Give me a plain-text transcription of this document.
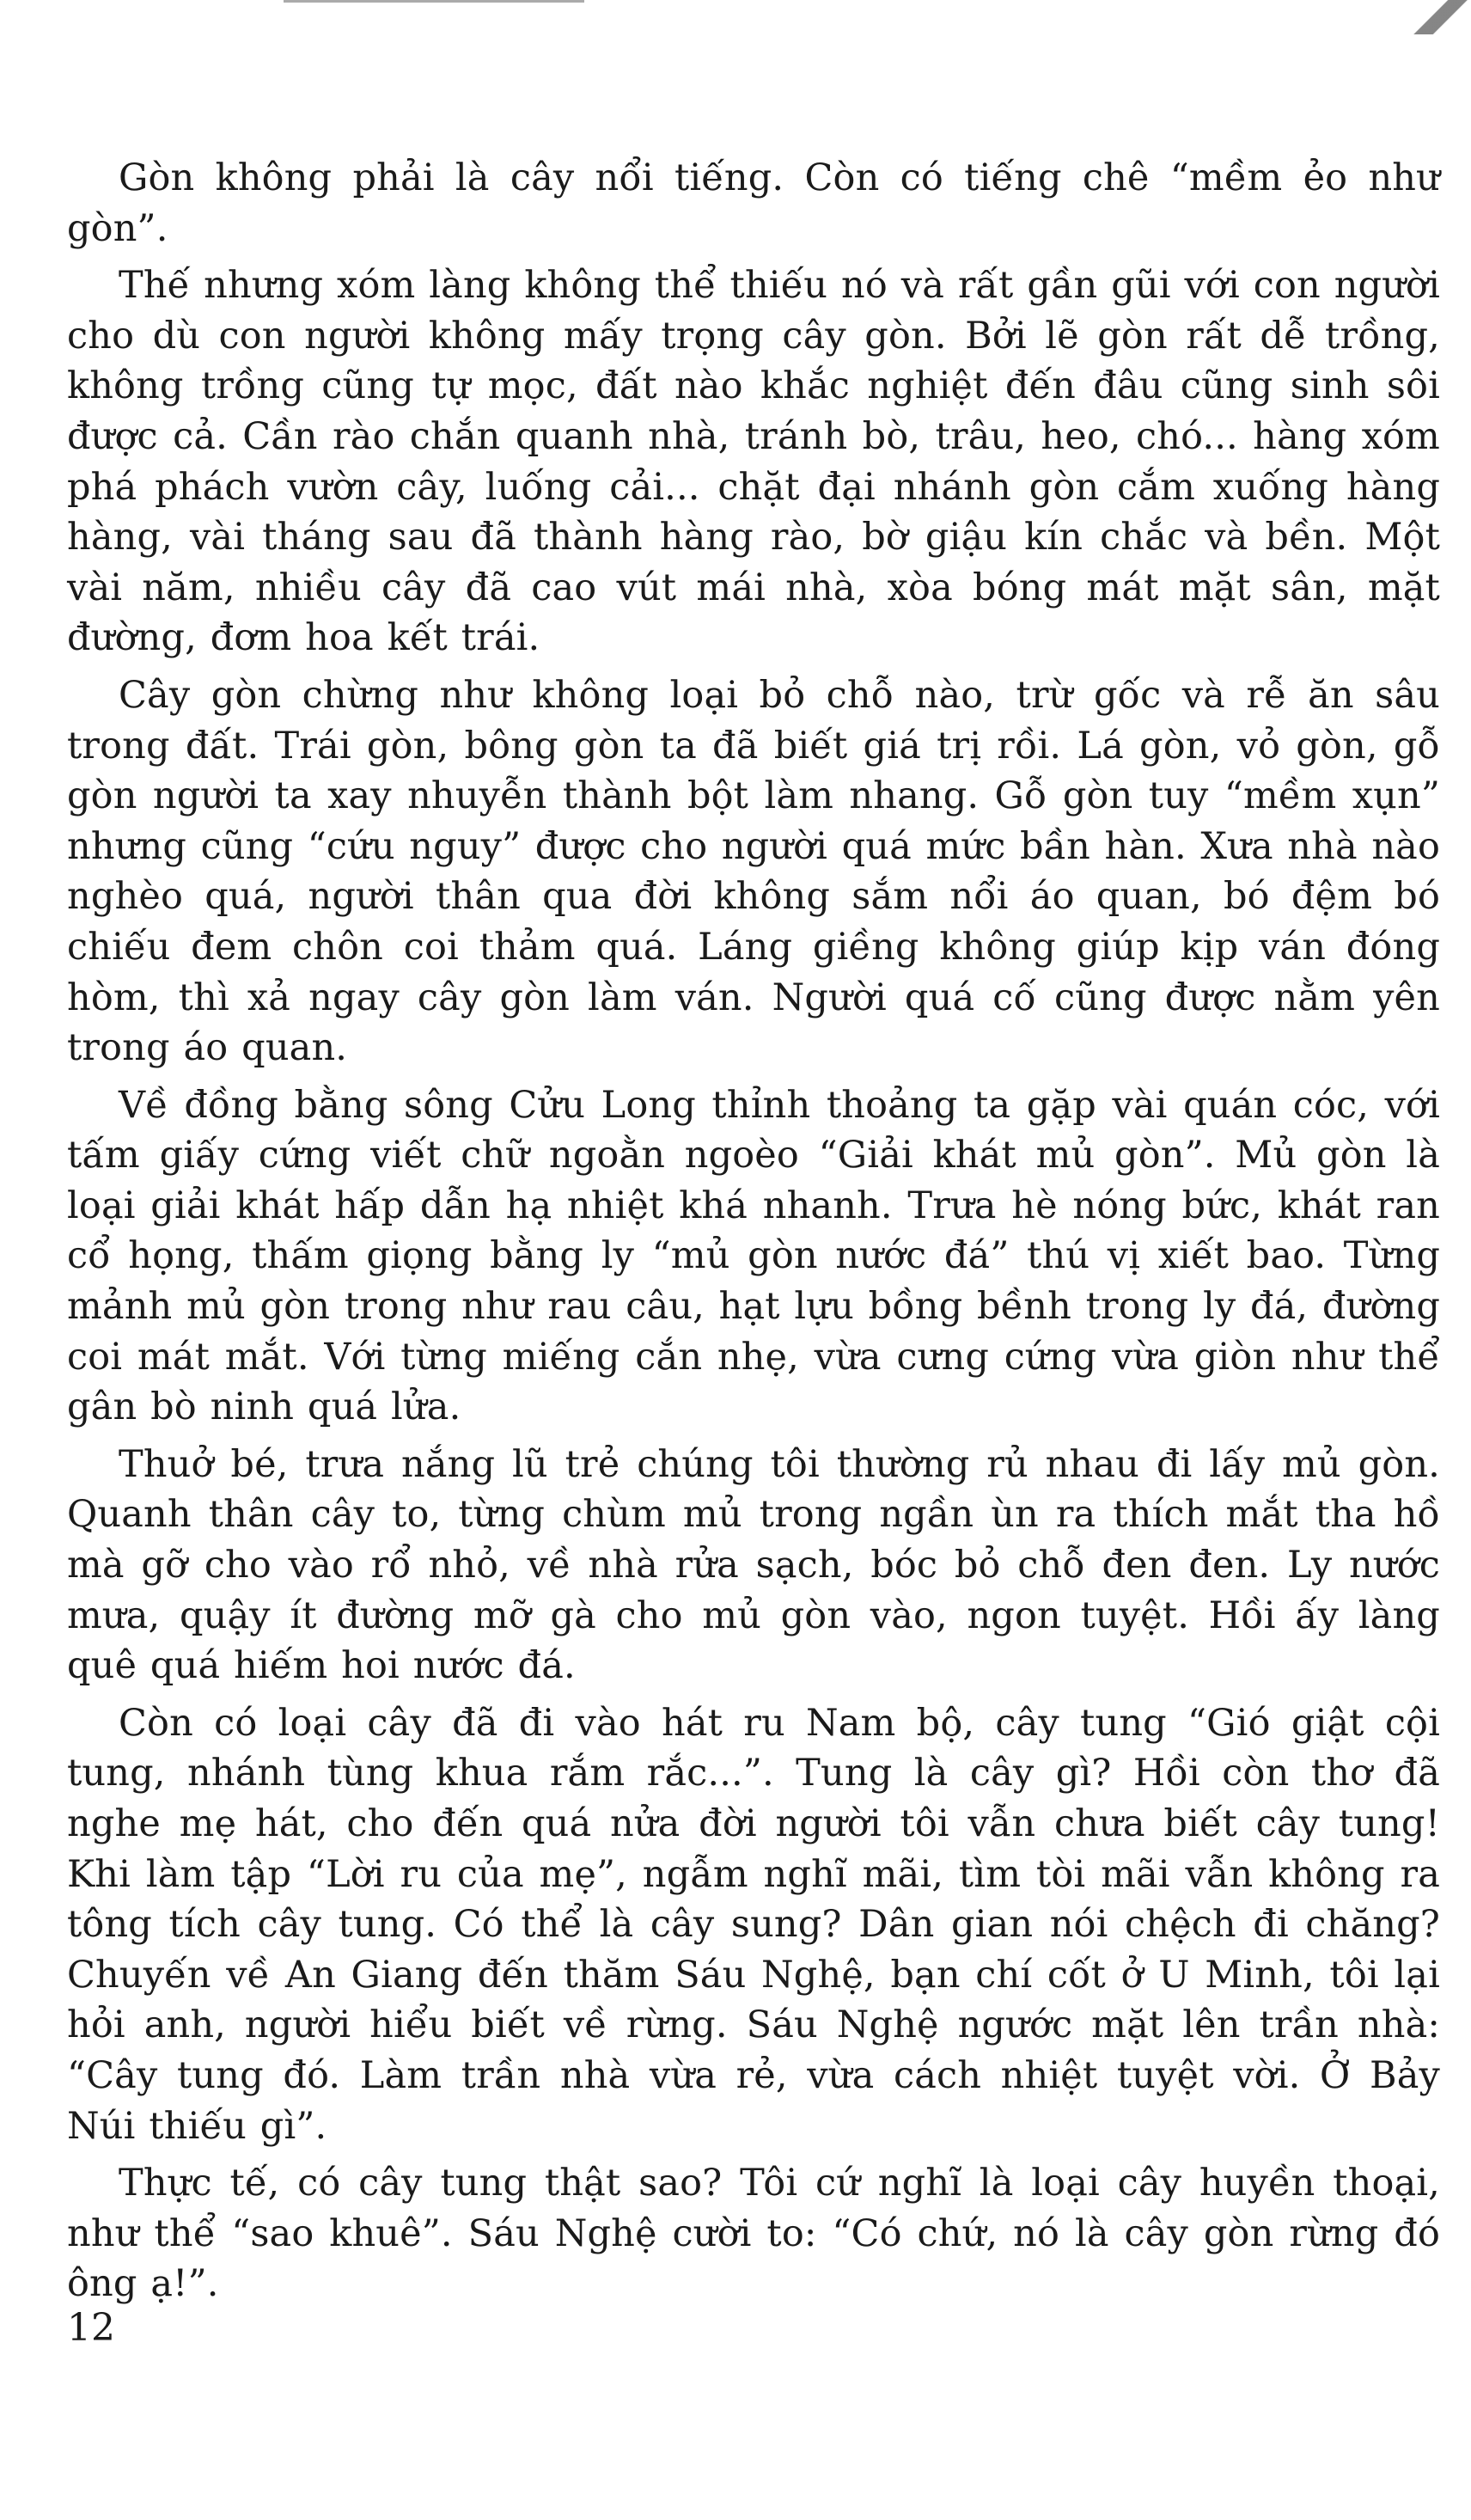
Gòn không phải là cây nổi tiếng. Còn có tiếng chê “mềm ẻo như gòn”.

Thế nhưng xóm làng không thể thiếu nó và rất gần gũi với con người cho dù con người không mấy trọng cây gòn. Bởi lẽ gòn rất dễ trồng, không trồng cũng tự mọc, đất nào khắc nghiệt đến đâu cũng sinh sôi được cả. Cần rào chắn quanh nhà, tránh bò, trâu, heo, chó... hàng xóm phá phách vườn cây, luống cải... chặt đại nhánh gòn cắm xuống hàng hàng, vài tháng sau đã thành hàng rào, bờ giậu kín chắc và bền. Một vài năm, nhiều cây đã cao vút mái nhà, xòa bóng mát mặt sân, mặt đường, đơm hoa kết trái.

Cây gòn chừng như không loại bỏ chỗ nào, trừ gốc và rễ ăn sâu trong đất. Trái gòn, bông gòn ta đã biết giá trị rồi. Lá gòn, vỏ gòn, gỗ gòn người ta xay nhuyễn thành bột làm nhang. Gỗ gòn tuy “mềm xụn” nhưng cũng “cứu nguy” được cho người quá mức bần hàn. Xưa nhà nào nghèo quá, người thân qua đời không sắm nổi áo quan, bó đệm bó chiếu đem chôn coi thảm quá. Láng giềng không giúp kịp ván đóng hòm, thì xả ngay cây gòn làm ván. Người quá cố cũng được nằm yên trong áo quan.

Về đồng bằng sông Cửu Long thỉnh thoảng ta gặp vài quán cóc, với tấm giấy cứng viết chữ ngoằn ngoèo “Giải khát mủ gòn”. Mủ gòn là loại giải khát hấp dẫn hạ nhiệt khá nhanh. Trưa hè nóng bức, khát ran cổ họng, thấm giọng bằng ly “mủ gòn nước đá” thú vị xiết bao. Từng mảnh mủ gòn trong như rau câu, hạt lựu bồng bềnh trong ly đá, đường coi mát mắt. Với từng miếng cắn nhẹ, vừa cưng cứng vừa giòn như thể gân bò ninh quá lửa.

Thuở bé, trưa nắng lũ trẻ chúng tôi thường rủ nhau đi lấy mủ gòn. Quanh thân cây to, từng chùm mủ trong ngần ùn ra thích mắt tha hồ mà gỡ cho vào rổ nhỏ, về nhà rửa sạch, bóc bỏ chỗ đen đen. Ly nước mưa, quậy ít đường mỡ gà cho mủ gòn vào, ngon tuyệt. Hồi ấy làng quê quá hiếm hoi nước đá.

Còn có loại cây đã đi vào hát ru Nam bộ, cây tung “Gió giật cội tung, nhánh tùng khua rắm rắc...”. Tung là cây gì? Hồi còn thơ đã nghe mẹ hát, cho đến quá nửa đời người tôi vẫn chưa biết cây tung! Khi làm tập “Lời ru của mẹ”, ngẫm nghĩ mãi, tìm tòi mãi vẫn không ra tông tích cây tung. Có thể là cây sung? Dân gian nói chệch đi chăng? Chuyến về An Giang đến thăm Sáu Nghệ, bạn chí cốt ở U Minh, tôi lại hỏi anh, người hiểu biết về rừng. Sáu Nghệ ngước mặt lên trần nhà: “Cây tung đó. Làm trần nhà vừa rẻ, vừa cách nhiệt tuyệt vời. Ở Bảy Núi thiếu gì”.

Thực tế, có cây tung thật sao? Tôi cứ nghĩ là loại cây huyền thoại, như thể “sao khuê”. Sáu Nghệ cười to: “Có chứ, nó là cây gòn rừng đó ông ạ!”.

12
